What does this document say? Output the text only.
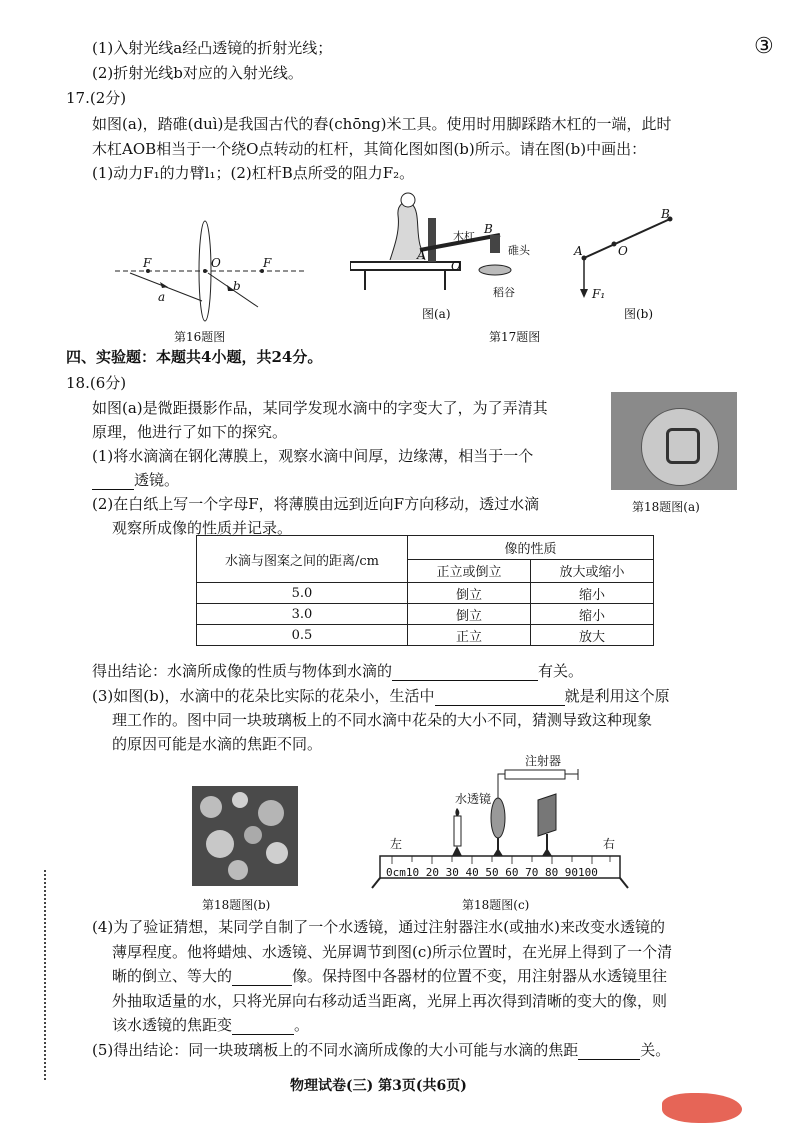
③
(1)入射光线a经凸透镜的折射光线；
(2)折射光线b对应的入射光线。
17.(2分)
如图(a)，踏碓(duì)是我国古代的舂(chōng)米工具。使用时用脚踩踏木杠的一端，此时
木杠AOB相当于一个绕O点转动的杠杆，其简化图如图(b)所示。请在图(b)中画出：
(1)动力F₁的力臂l₁；(2)杠杆B点所受的阻力F₂。
F	O	F
a
b
第16题图
木杠
B
A
O
碓头
稻谷
图(a)
第17题图
A	O
B
F₁
图(b)
四、实验题：本题共4小题，共24分。
18.(6分)
如图(a)是微距摄影作品，某同学发现水滴中的字变大了，为了弄清其
原理，他进行了如下的探究。
(1)将水滴滴在钢化薄膜上，观察水滴中间厚，边缘薄，相当于一个
透镜。
(2)在白纸上写一个字母F，将薄膜由远到近向F方向移动，透过水滴
观察所成像的性质并记录。
第18题图(a)
水滴与图案之间的距离/cm	像的性质	
	正立或倒立	放大或缩小
5.0	倒立	缩小
3.0	倒立	缩小
0.5	正立	放大
得出结论：水滴所成像的性质与物体到水滴的	有关。
(3)如图(b)，水滴中的花朵比实际的花朵小，生活中	就是利用这个原
理工作的。图中同一块玻璃板上的不同水滴中花朵的大小不同，猜测导致这种现象
的原因可能是水滴的焦距不同。
第18题图(b)
注射器
水透镜
左	右
0cm10 20 30 40 50 60 70 80 90100
第18题图(c)
(4)为了验证猜想，某同学自制了一个水透镜，通过注射器注水(或抽水)来改变水透镜的
薄厚程度。他将蜡烛、水透镜、光屏调节到图(c)所示位置时，在光屏上得到了一个清
晰的倒立、等大的	像。保持图中各器材的位置不变，用注射器从水透镜里往
外抽取适量的水，只将光屏向右移动适当距离，光屏上再次得到清晰的变大的像，则
该水透镜的焦距变	。
(5)得出结论：同一块玻璃板上的不同水滴所成像的大小可能与水滴的焦距	关。
物理试卷(三) 第3页(共6页)
